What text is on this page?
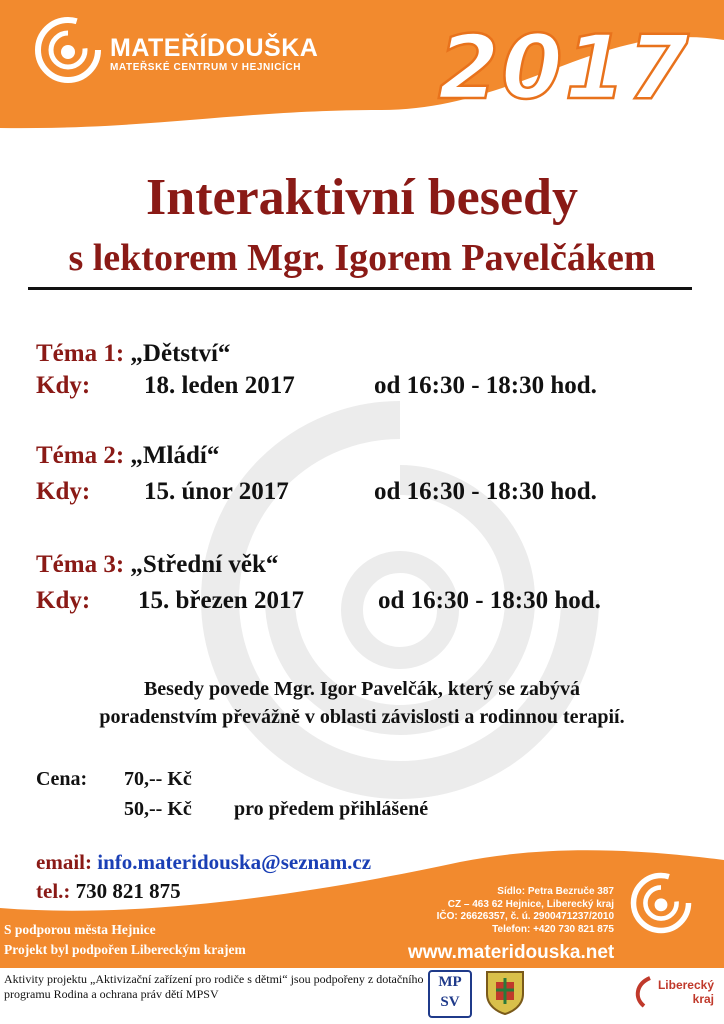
MATEŘÍDOUŠKA
MATEŘSKÉ CENTRUM V HEJNICÍCH 2017
Interaktivní besedy
s lektorem Mgr. Igorem Pavelčákem
Téma 1: „Dětství“
Kdy: 18. leden 2017	od 16:30 - 18:30 hod.
Téma 2: „Mládí“
Kdy: 15. únor 2017	od 16:30 - 18:30 hod.
Téma 3: „Střední věk“
Kdy: 15. březen 2017	od 16:30 - 18:30 hod.
Besedy povede Mgr. Igor Pavelčák, který se zabývá
poradenstvím převážně v oblasti závislosti a rodinnou terapií.
Cena: 70,-- Kč
50,-- Kč pro předem přihlášené
email: info.materidouska@seznam.cz
tel.: 730 821 875	Sídlo: Petra Bezruče 387
CZ – 463 62 Hejnice, Liberecký kraj
IČO: 26626357, č. ú. 2900471237/2010
Telefon: +420 730 821 875
www.materidouska.net
S podporou města Hejnice
Projekt byl podpořen Libereckým krajem
Aktivity projektu „Aktivizační zařízení pro rodiče s dětmi“ jsou podpořeny z dotačního programu Rodina a ochrana práv dětí MPSV
MP
SV
Liberecký
kraj
